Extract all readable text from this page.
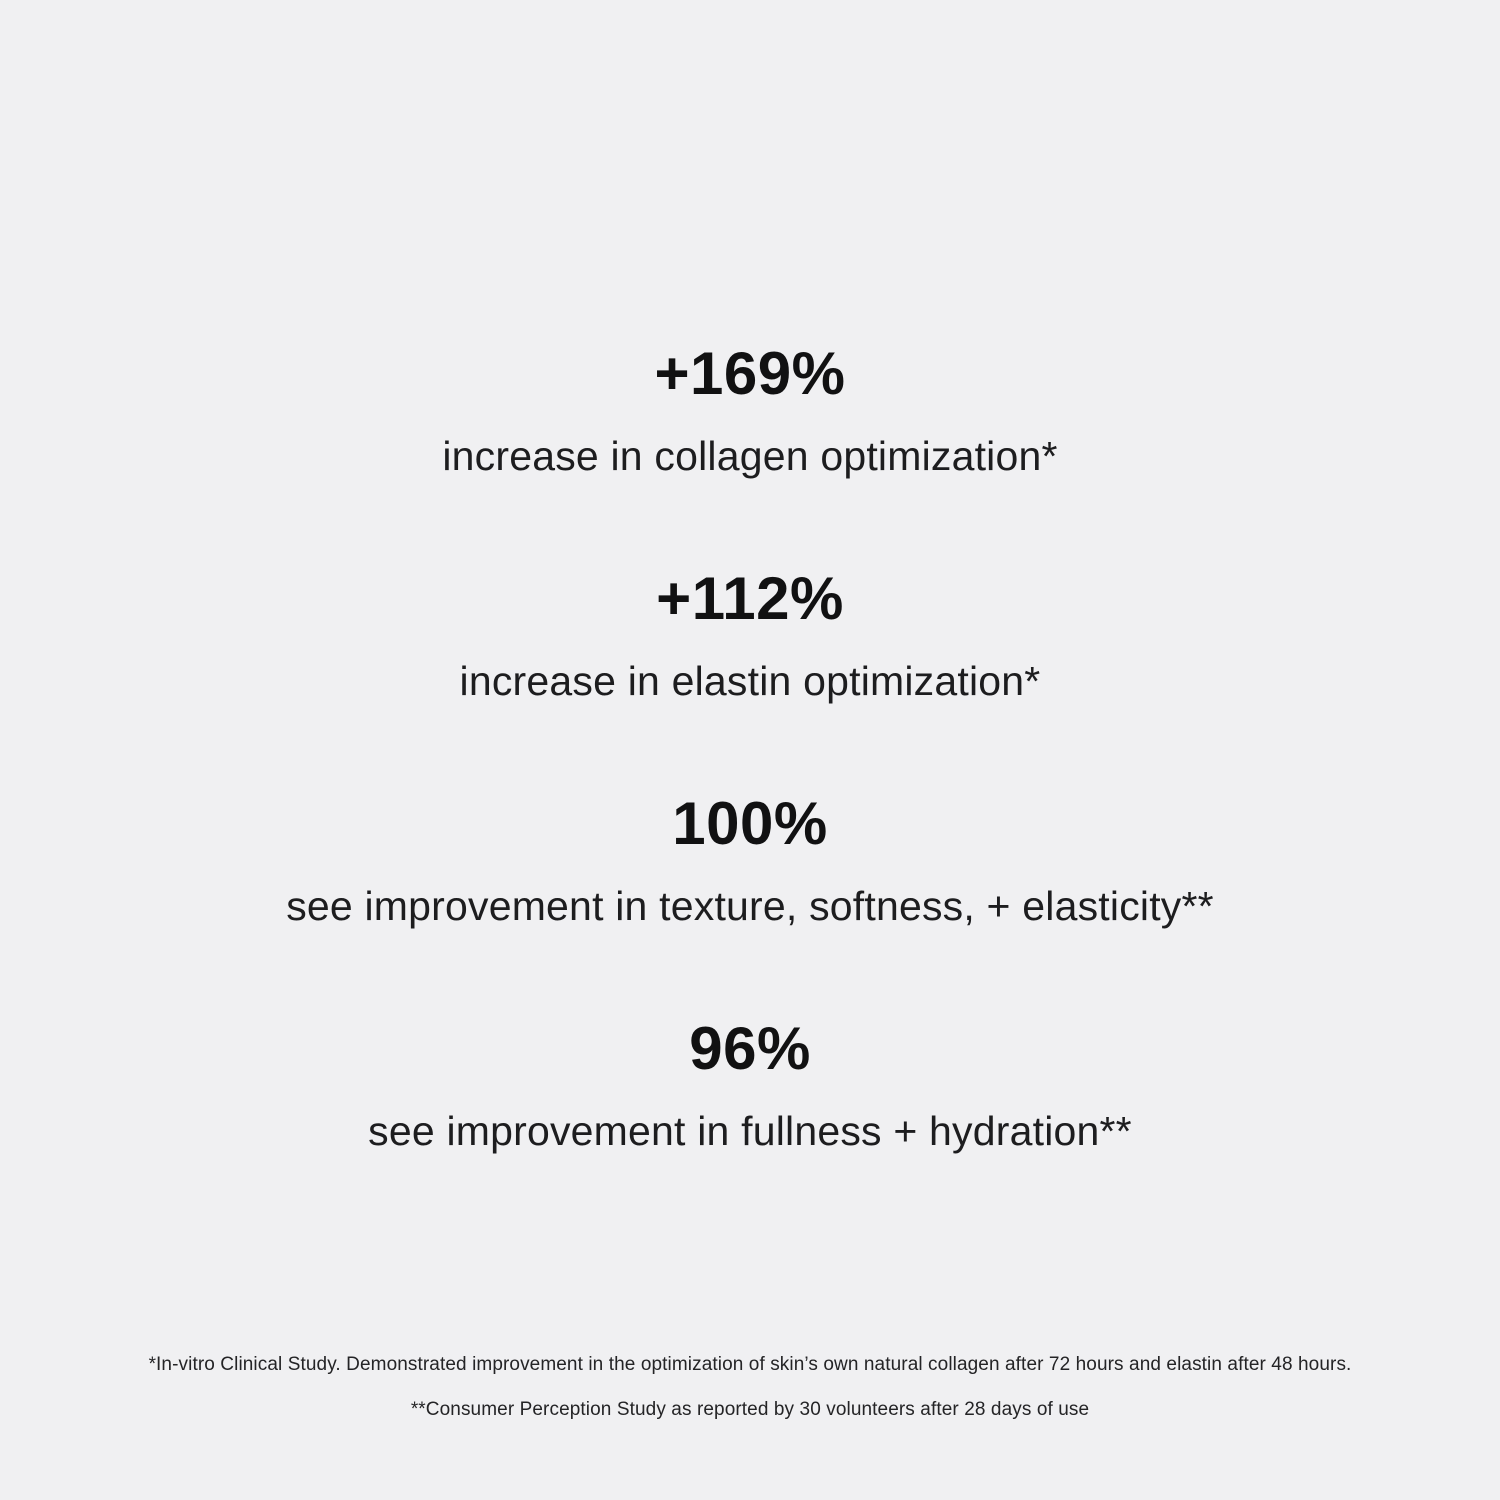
+169%
increase in collagen optimization*
+112%
increase in elastin optimization*
100%
see improvement in texture, softness, + elasticity**
96%
see improvement in fullness + hydration**
*In-vitro Clinical Study. Demonstrated improvement in the optimization of skin’s own natural collagen after 72 hours and elastin after 48 hours.
**Consumer Perception Study as reported by 30 volunteers after 28 days of use
